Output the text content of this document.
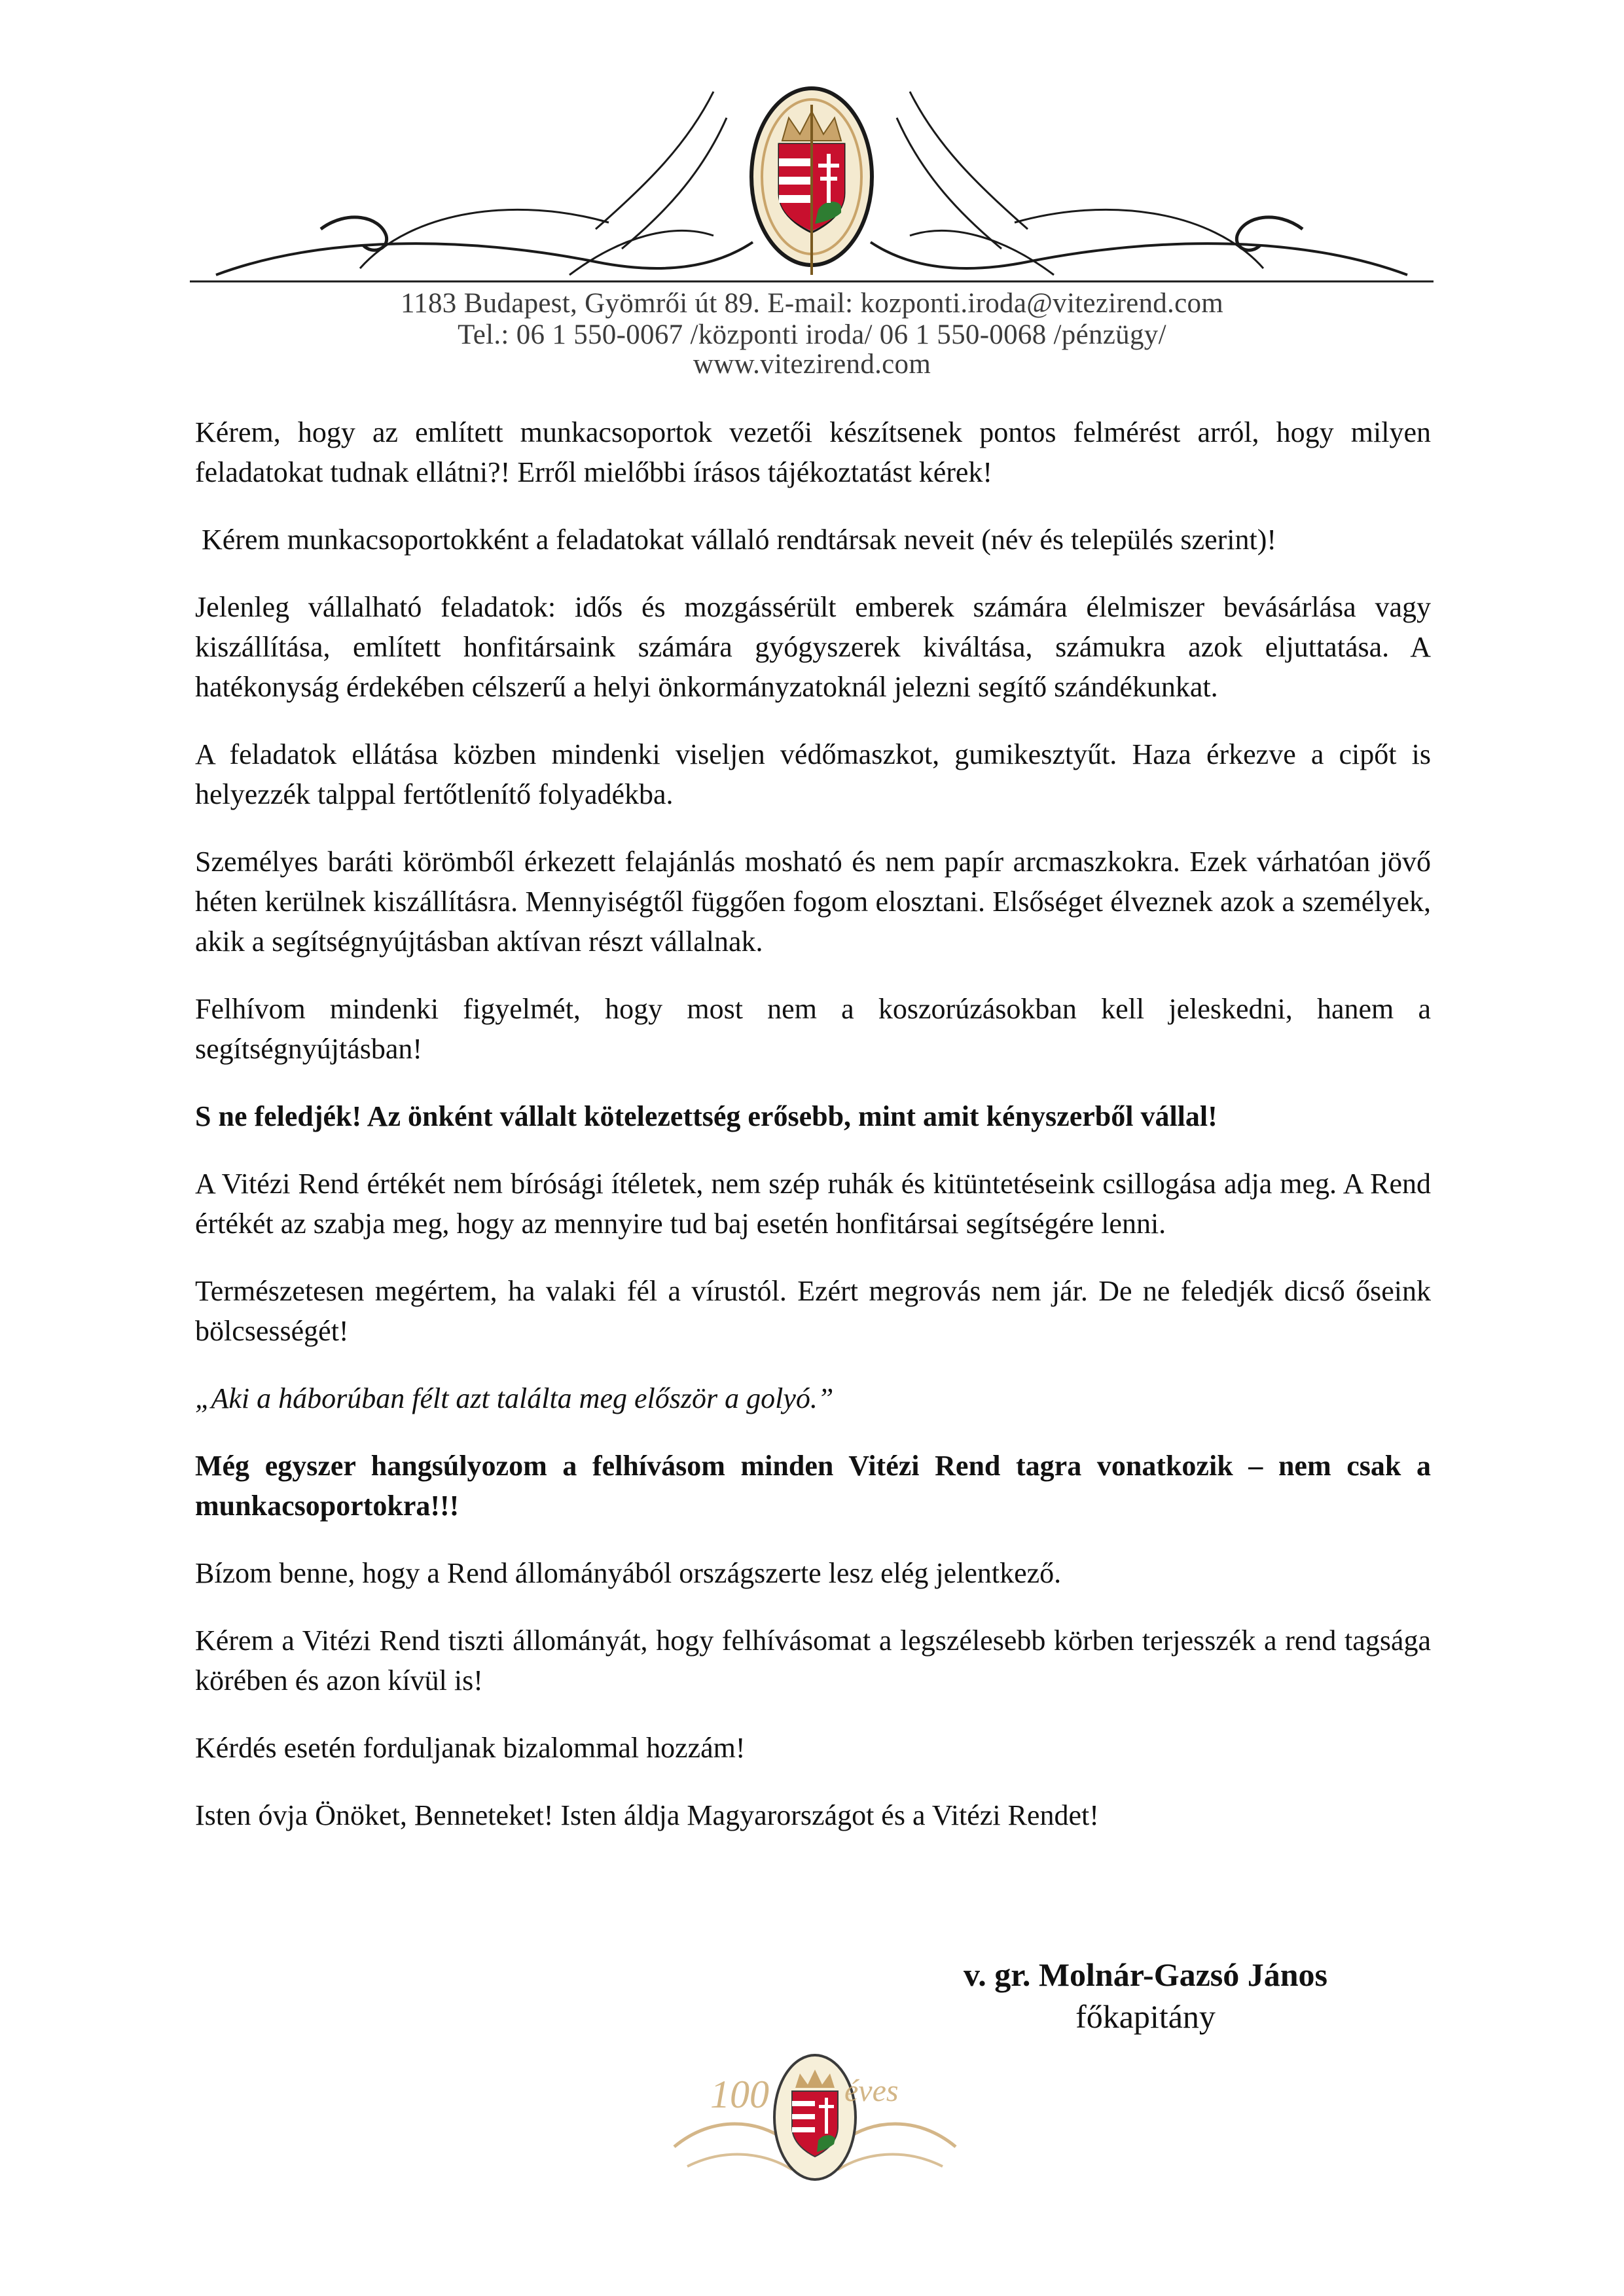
1183 Budapest, Gyömrői út 89. E-mail: kozponti.iroda@vitezirend.com
Tel.: 06 1 550-0067 /központi iroda/ 06 1 550-0068 /pénzügy/
www.vitezirend.com

Kérem, hogy az említett munkacsoportok vezetői készítsenek pontos felmérést arról, hogy milyen feladatokat tudnak ellátni?! Erről mielőbbi írásos tájékoztatást kérek!

Kérem munkacsoportokként a feladatokat vállaló rendtársak neveit (név és település szerint)!

Jelenleg vállalható feladatok: idős és mozgássérült emberek számára élelmiszer bevásárlása vagy kiszállítása, említett honfitársaink számára gyógyszerek kiváltása, számukra azok eljuttatása. A hatékonyság érdekében célszerű a helyi önkormányzatoknál jelezni segítő szándékunkat.

A feladatok ellátása közben mindenki viseljen védőmaszkot, gumikesztyűt. Haza érkezve a cipőt is helyezzék talppal fertőtlenítő folyadékba.

Személyes baráti körömből érkezett felajánlás mosható és nem papír arcmaszkokra. Ezek várhatóan jövő héten kerülnek kiszállításra. Mennyiségtől függően fogom elosztani. Elsőséget élveznek azok a személyek, akik a segítségnyújtásban aktívan részt vállalnak.

Felhívom mindenki figyelmét, hogy most nem a koszorúzásokban kell jeleskedni, hanem a segítségnyújtásban!

S ne feledjék! Az önként vállalt kötelezettség erősebb, mint amit kényszerből vállal!

A Vitézi Rend értékét nem bírósági ítéletek, nem szép ruhák és kitüntetéseink csillogása adja meg. A Rend értékét az szabja meg, hogy az mennyire tud baj esetén honfitársai segítségére lenni.

Természetesen megértem, ha valaki fél a vírustól. Ezért megrovás nem jár. De ne feledjék dicső őseink bölcsességét!

„Aki a háborúban félt azt találta meg először a golyó.”

Még egyszer hangsúlyozom a felhívásom minden Vitézi Rend tagra vonatkozik – nem csak a munkacsoportokra!!!

Bízom benne, hogy a Rend állományából országszerte lesz elég jelentkező.

Kérem a Vitézi Rend tiszti állományát, hogy felhívásomat a legszélesebb körben terjesszék a rend tagsága körében és azon kívül is!

Kérdés esetén forduljanak bizalommal hozzám!

Isten óvja Önöket, Benneteket! Isten áldja Magyarországot és a Vitézi Rendet!

v. gr. Molnár-Gazsó János
főkapitány
100 éves
